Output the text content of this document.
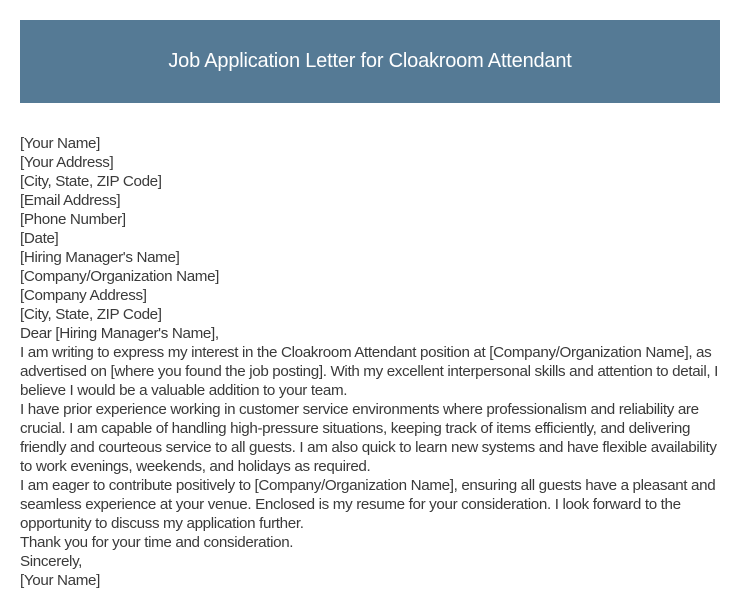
Job Application Letter for Cloakroom Attendant

[Your Name]

[Your Address]

[City, State, ZIP Code]

[Email Address]

[Phone Number]

[Date]

[Hiring Manager's Name]

[Company/Organization Name]

[Company Address]

[City, State, ZIP Code]

Dear [Hiring Manager's Name],

I am writing to express my interest in the Cloakroom Attendant position at [Company/Organization Name], as advertised on [where you found the job posting]. With my excellent interpersonal skills and attention to detail, I believe I would be a valuable addition to your team.

I have prior experience working in customer service environments where professionalism and reliability are crucial. I am capable of handling high-pressure situations, keeping track of items efficiently, and delivering friendly and courteous service to all guests. I am also quick to learn new systems and have flexible availability to work evenings, weekends, and holidays as required.

I am eager to contribute positively to [Company/Organization Name], ensuring all guests have a pleasant and seamless experience at your venue. Enclosed is my resume for your consideration. I look forward to the opportunity to discuss my application further.

Thank you for your time and consideration.

Sincerely,

[Your Name]
